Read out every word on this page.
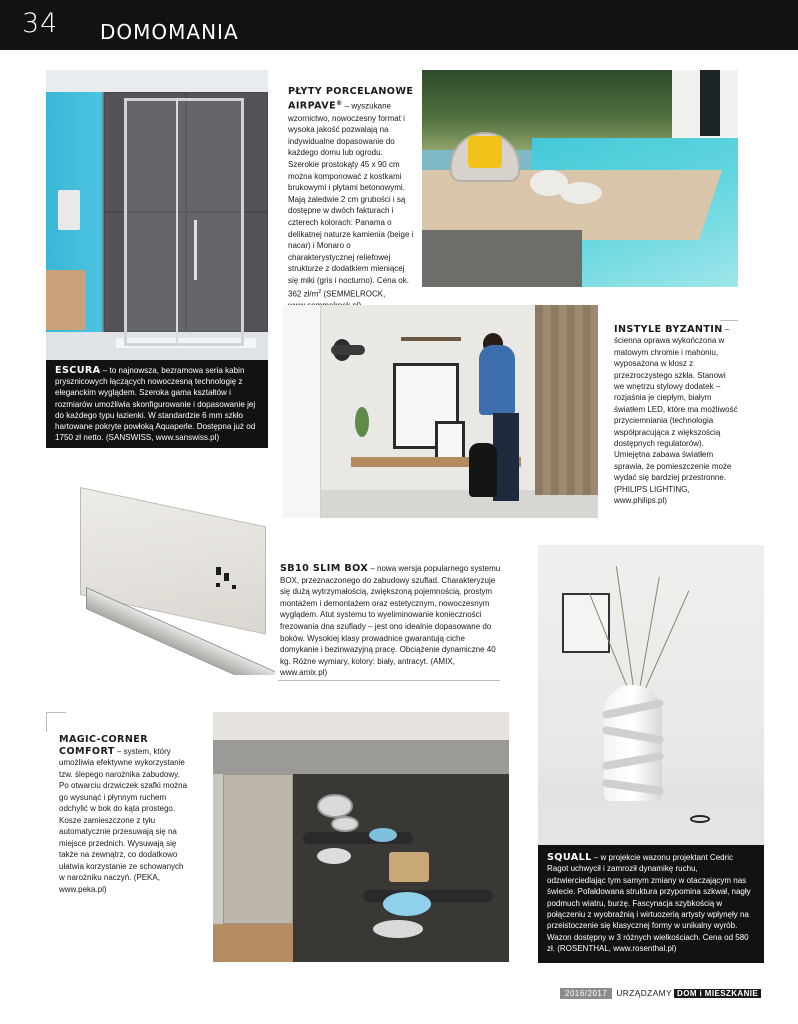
34 DOMOMANIA

ESCURA – to najnowsza, bezramowa seria kabin prysznicowych łączących nowoczesną technologię z eleganckim wyglądem. Szeroka gama kształtów i rozmiarów umożliwia skonfigurowanie i dopasowanie jej do każdego typu łazienki. W standardzie 6 mm szkło hartowane pokryte powłoką Aquaperle. Dostępna już od 1750 zł netto. (SANSWISS, www.sanswiss.pl)

PŁYTY PORCELANOWE AIRPAVE® – wyszukane wzornictwo, nowoczesny format i wysoka jakość pozwalają na indywidualne dopasowanie do każdego domu lub ogrodu. Szerokie prostokąty 45 x 90 cm można komponować z kostkami brukowymi i płytami betonowymi. Mają zaledwie 2 cm grubości i są dostępne w dwóch fakturach i czterech kolorach: Panama o delikatnej naturze kamienia (beige i nacar) i Monaro o charakterystycznej reliefowej strukturze z dodatkiem mieniącej się miki (gris i nocturno). Cena ok. 362 $zł/m^2$ (SEMMELROCK,
INSTYLE BYZANTIN – ścienna oprawa wykończona w matowym chromie i mahoniu, wyposażona w klosz z przezroczystego szkła. Stanowi we wnętrzu stylowy dodatek – rozjaśnia je ciepłym, białym światłem LED, które ma możliwość przyciemniania (technologia współpracująca z większością dostępnych regulatorów). Umiejętna zabawa światłem sprawia, że pomieszczenie może wydać się bardziej przestronne. (PHILIPS LIGHTING, www.philips.pl)
SB10 SLIM BOX – nowa wersja popularnego systemu BOX, przeznaczonego do zabudowy szuflad. Charakteryzuje się dużą wytrzymałością, zwiększoną pojemnością, prostym montażem i demontażem oraz estetycznym, nowoczesnym wyglądem. Atut systemu to wyeliminowanie konieczności frezowania dna szuflady – jest ono idealnie dopasowane do boków. Wysokiej klasy prowadnice gwarantują ciche domykanie i bezinwazyjną pracę. Obciążenie dynamiczne 40 kg. Różne wymiary, kolory: biały, antracyt. (AMIX, www.amix.pl)

SQUALL – w projekcie wazonu projektant Cedric Ragot uchwycił i zamroził dynamikę ruchu, odzwierciedlając tym samym zmiany w otaczającym nas świecie. Pofałdowana struktura przypomina szkwał, nagły podmuch wiatru, burzę. Fascynacja szybkością w połączeniu z wyobraźnią i wirtuozerią artysty wpłynęły na przeistoczenie się klasycznej formy w unikalny wyrób. Wazon dostępny w 3 różnych wielkościach. Cena od 580 zł. (ROSENTHAL, www.rosenthal.pl)

MAGIC-CORNER COMFORT – system, który umożliwia efektywne wykorzystanie tzw. ślepego narożnika zabudowy. Po otwarciu drzwiczek szafki można go wysunąć i płynnym ruchem odchylić w bok do kąta prostego. Kosze zamieszczone z tyłu automatycznie przesuwają się na miejsce przednich. Wysuwają się także na zewnątrz, co dodatkowo ułatwia korzystanie ze schowanych w narożniku naczyń. (PEKA, www.peka.pl)
2016/2017	URZĄDZAMY DOM i MIESZKANIE
